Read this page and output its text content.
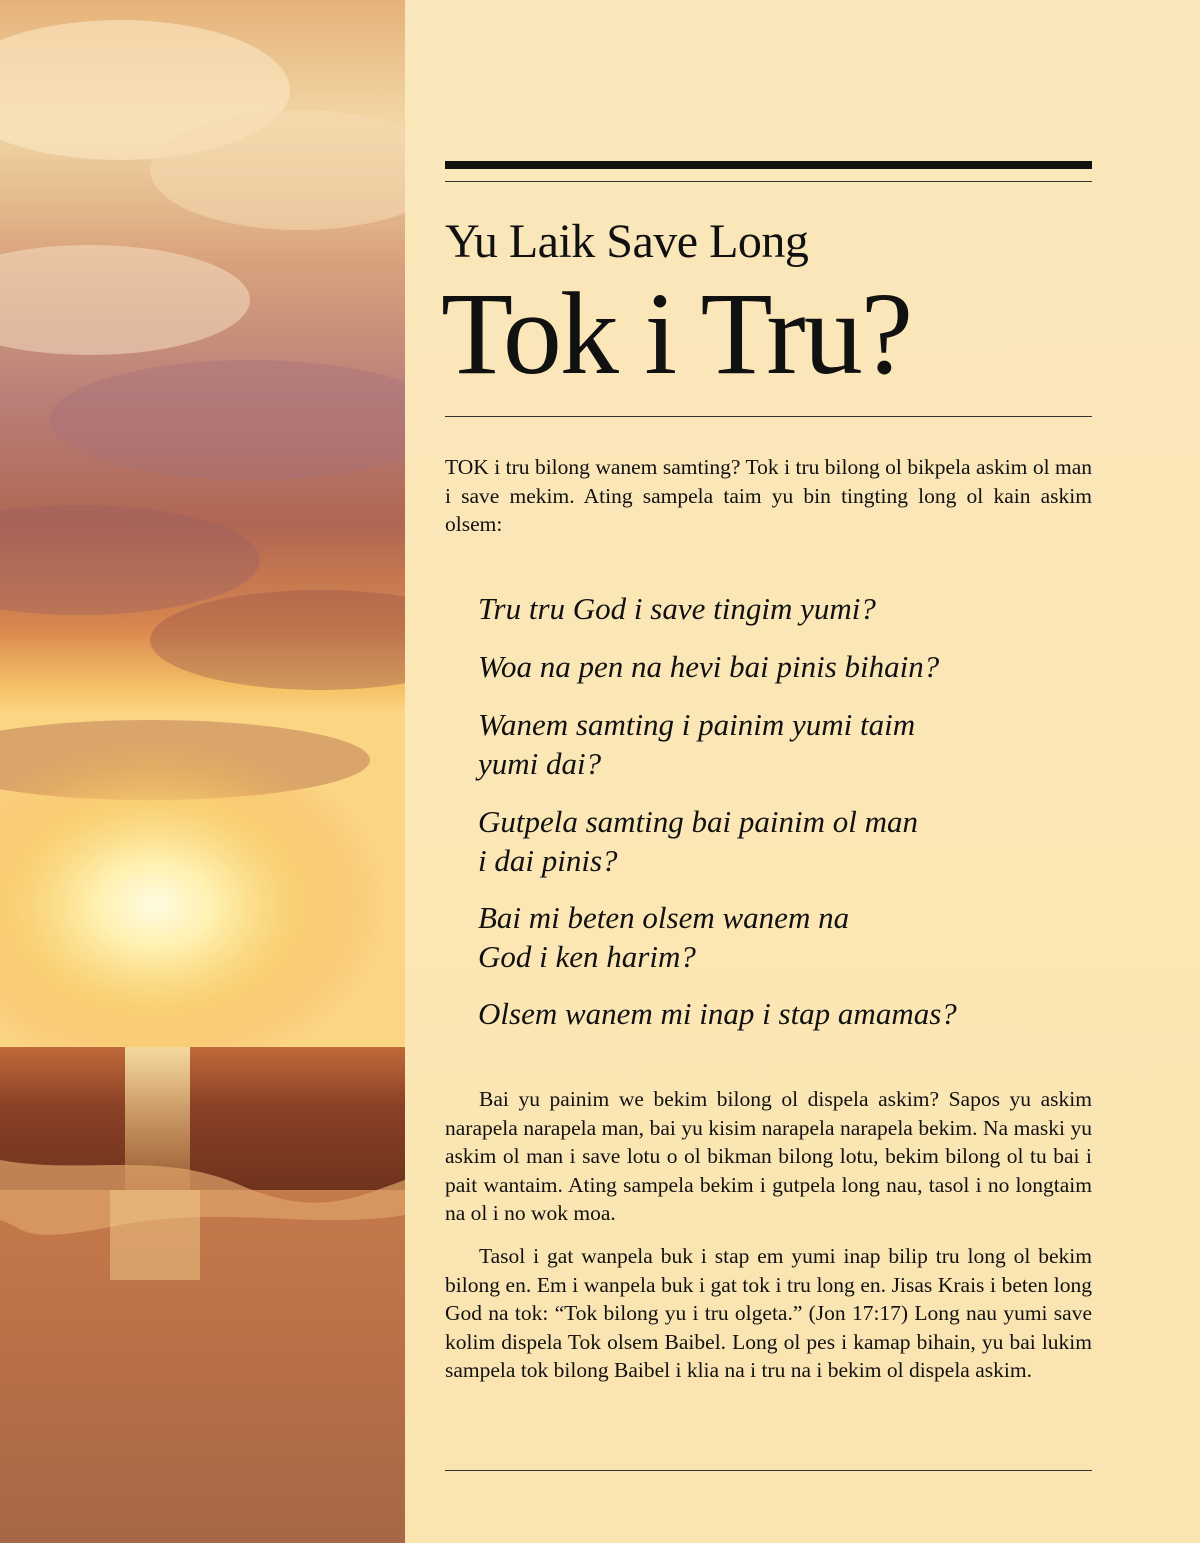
Yu Laik Save Long
Tok i Tru?
TOK i tru bilong wanem samting? Tok i tru bilong ol bikpela askim ol man i save mekim. Ating sampela taim yu bin tingting long ol kain askim olsem:
Tru tru God i save tingim yumi?
Woa na pen na hevi bai pinis bihain?
Wanem samting i painim yumi taim
yumi dai?
Gutpela samting bai painim ol man
i dai pinis?
Bai mi beten olsem wanem na
God i ken harim?
Olsem wanem mi inap i stap amamas?
Bai yu painim we bekim bilong ol dispela askim? Sapos yu askim narapela narapela man, bai yu kisim narapela narapela bekim. Na maski yu askim ol man i save lotu o ol bikman bilong lotu, bekim bilong ol tu bai i pait wantaim. Ating sampela bekim i gutpela long nau, tasol i no longtaim na ol i no wok moa.
Tasol i gat wanpela buk i stap em yumi inap bilip tru long ol bekim bilong en. Em i wanpela buk i gat tok i tru long en. Jisas Krais i beten long God na tok: “Tok bilong yu i tru olgeta.” (Jon 17:17) Long nau yumi save kolim dispela Tok olsem Baibel. Long ol pes i kamap bihain, yu bai lukim sampela tok bilong Baibel i klia na i tru na i bekim ol dispela askim.
